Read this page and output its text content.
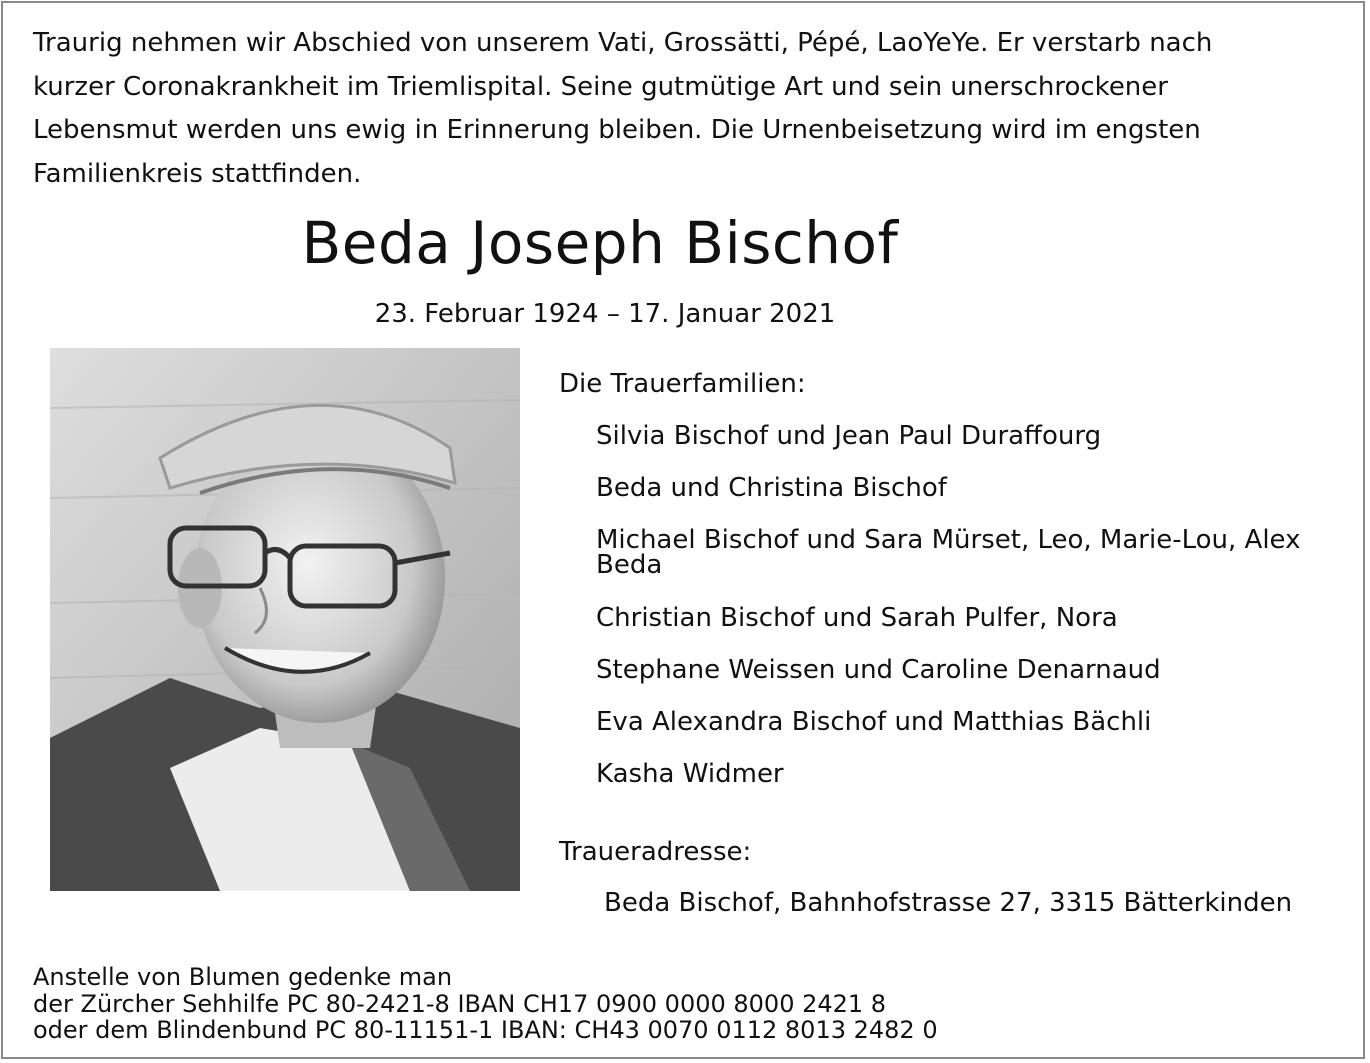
Traurig nehmen wir Abschied von unserem Vati, Grossätti, Pépé, LaoYeYe. Er verstarb nach
kurzer Coronakrankheit im Triemlispital. Seine gutmütige Art und sein unerschrockener
Lebensmut werden uns ewig in Erinnerung bleiben. Die Urnenbeisetzung wird im engsten
Familienkreis stattfinden.

Beda Joseph Bischof

23. Februar 1924 – 17. Januar 2021

Die Trauerfamilien:

Silvia Bischof und Jean Paul Duraffourg
Beda und Christina Bischof
Michael Bischof und Sara Mürset, Leo, Marie-Lou, Alex Beda
Christian Bischof und Sarah Pulfer, Nora
Stephane Weissen und Caroline Denarnaud
Eva Alexandra Bischof und Matthias Bächli
Kasha Widmer

Traueradresse:

Beda Bischof, Bahnhofstrasse 27, 3315 Bätterkinden

Anstelle von Blumen gedenke man
der Zürcher Sehhilfe PC 80-2421-8 IBAN CH17 0900 0000 8000 2421 8
oder dem Blindenbund PC 80-11151-1 IBAN: CH43 0070 0112 8013 2482 0
